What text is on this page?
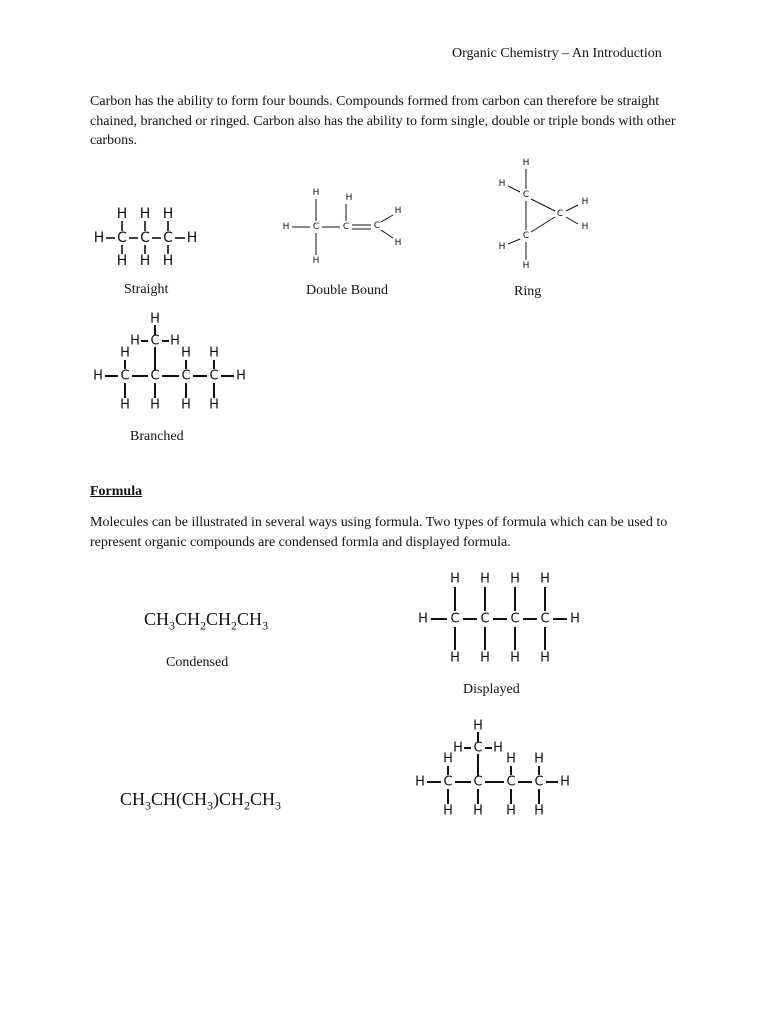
Organic Chemistry – An Introduction
Carbon has the ability to form four bounds. Compounds formed from carbon can therefore be straight chained, branched or ringed. Carbon also has the ability to form single, double or triple bonds with other carbons.
C C C
H	H
H H H
H H H
Straight
H	H
H	C	C	C
H
H
H
Double Bound
H
C
H
C
H
H
C
H
H
Ring
C C C C
H	H
H	H H
H H H H
H
C
H H
Branched
Formula
Molecules can be illustrated in several ways using formula. Two types of formula which can be used to represent organic compounds are condensed formla and displayed formula.
$CH_3CH_2CH_2CH_3$
Condensed
C C C C
H	H
H H H H
H H H H
Displayed
$CH_3CH(CH_3)CH_2CH_3$
C C C C
H	H
H	H H
H H H H
H
C
H H
